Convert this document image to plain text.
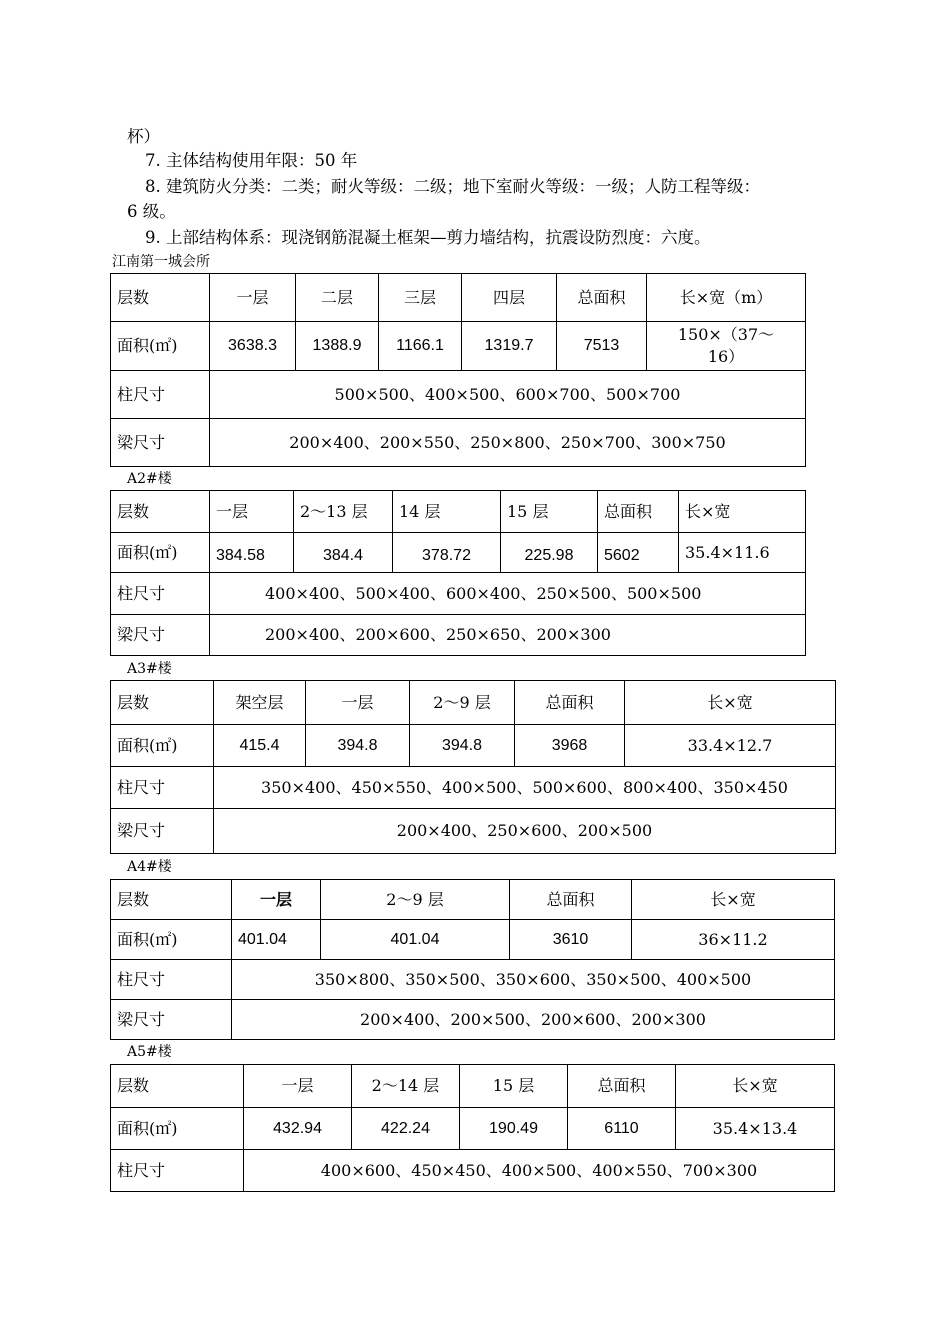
杯）
7. 主体结构使用年限：50 年
8. 建筑防火分类：二类；耐火等级：二级；地下室耐火等级：一级；人防工程等级：
6 级。
9. 上部结构体系：现浇钢筋混凝土框架—剪力墙结构，抗震设防烈度：六度。
江南第一城会所
层数	一层	二层	三层	四层	总面积	长×宽（m）
面积(㎡)	3638.3	1388.9	1166.1	1319.7	7513	150×（37～16）
柱尺寸	500×500、400×500、600×700、500×700					
梁尺寸	200×400、200×550、250×800、250×700、300×750					
A2#楼
层数	一层	2～13 层	14 层	15 层	总面积	长×宽
面积(㎡)	384.58	384.4	378.72	225.98	5602	35.4×11.6
柱尺寸	400×400、500×400、600×400、250×500、500×500					
梁尺寸	200×400、200×600、250×650、200×300					
A3#楼
层数	架空层	一层	2～9 层	总面积	长×宽
面积(㎡)	415.4	394.8	394.8	3968	33.4×12.7
柱尺寸	350×400、450×550、400×500、500×600、800×400、350×450				
梁尺寸	200×400、250×600、200×500				
A4#楼
层数	一层	2～9 层	总面积	长×宽
面积(㎡)	401.04	401.04	3610	36×11.2
柱尺寸	350×800、350×500、350×600、350×500、400×500			
梁尺寸	200×400、200×500、200×600、200×300			
A5#楼
层数	一层	2～14 层	15 层	总面积	长×宽
面积(㎡)	432.94	422.24	190.49	6110	35.4×13.4
柱尺寸	400×600、450×450、400×500、400×550、700×300				
